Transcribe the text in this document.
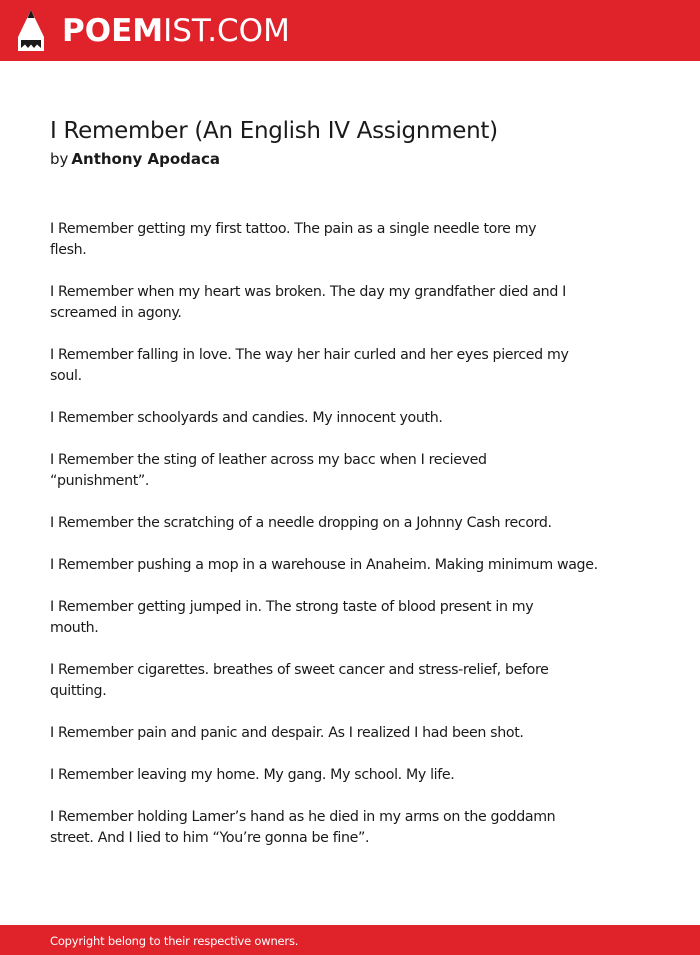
POEMIST.COM
I Remember (An English IV Assignment)
by Anthony Apodaca

I Remember getting my first tattoo. The pain as a single needle tore my
flesh.

I Remember when my heart was broken. The day my grandfather died and I
screamed in agony.

I Remember falling in love. The way her hair curled and her eyes pierced my
soul.

I Remember schoolyards and candies. My innocent youth.

I Remember the sting of leather across my bacc when I recieved
“punishment”.

I Remember the scratching of a needle dropping on a Johnny Cash record.

I Remember pushing a mop in a warehouse in Anaheim. Making minimum wage.

I Remember getting jumped in. The strong taste of blood present in my
mouth.

I Remember cigarettes. breathes of sweet cancer and stress-relief, before
quitting.

I Remember pain and panic and despair. As I realized I had been shot.

I Remember leaving my home. My gang. My school. My life.

I Remember holding Lamer’s hand as he died in my arms on the goddamn
street. And I lied to him “You’re gonna be fine”.

Copyright belong to their respective owners.
